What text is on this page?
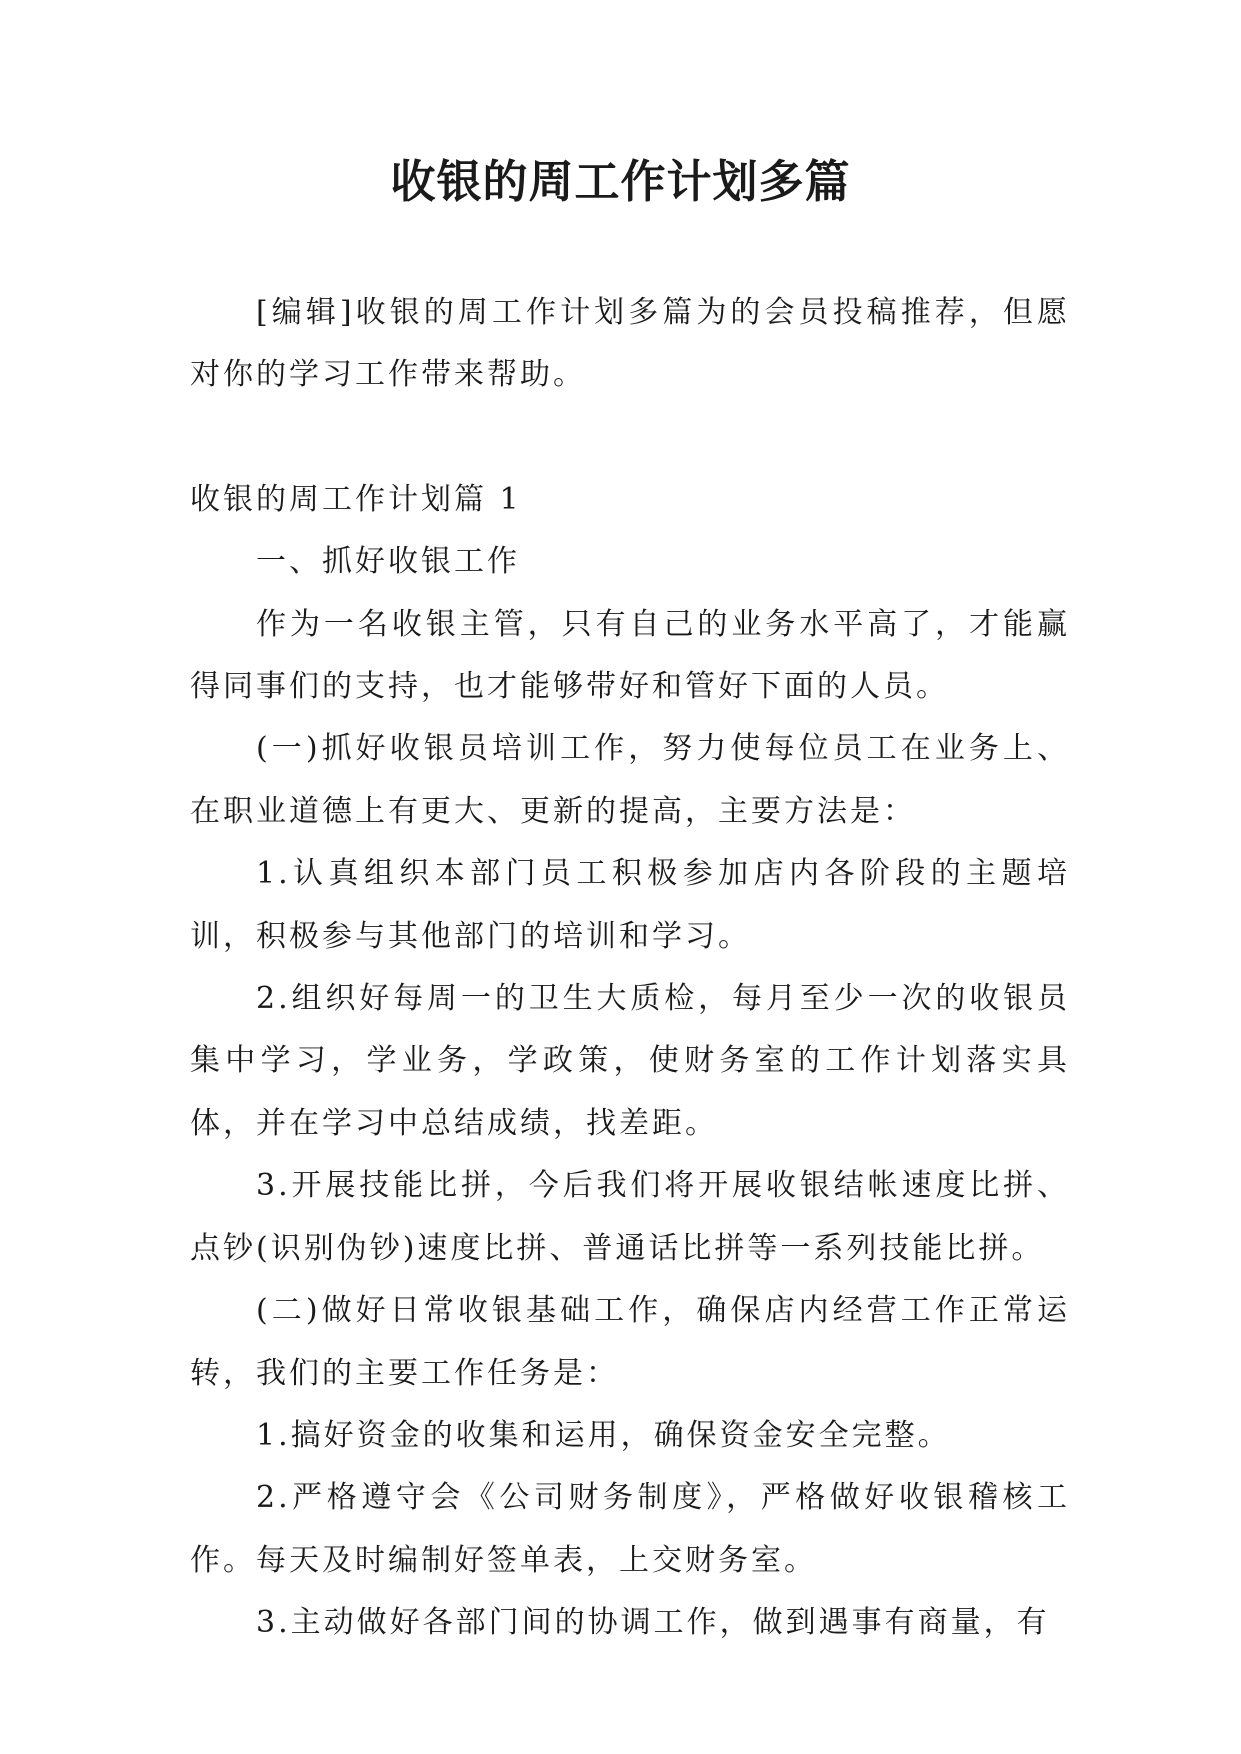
收银的周工作计划多篇

[编辑]收银的周工作计划多篇为的会员投稿推荐，但愿对你的学习工作带来帮助。

收银的周工作计划篇 1

一、抓好收银工作

作为一名收银主管，只有自己的业务水平高了，才能赢得同事们的支持，也才能够带好和管好下面的人员。

(一)抓好收银员培训工作，努力使每位员工在业务上、在职业道德上有更大、更新的提高，主要方法是：

1.认真组织本部门员工积极参加店内各阶段的主题培训，积极参与其他部门的培训和学习。

2.组织好每周一的卫生大质检，每月至少一次的收银员集中学习，学业务，学政策，使财务室的工作计划落实具体，并在学习中总结成绩，找差距。

3.开展技能比拼，今后我们将开展收银结帐速度比拼、点钞(识别伪钞)速度比拼、普通话比拼等一系列技能比拼。

(二)做好日常收银基础工作，确保店内经营工作正常运转，我们的主要工作任务是：

1.搞好资金的收集和运用，确保资金安全完整。

2.严格遵守会《公司财务制度》，严格做好收银稽核工作。每天及时编制好签单表，上交财务室。

3.主动做好各部门间的协调工作，做到遇事有商量，有
